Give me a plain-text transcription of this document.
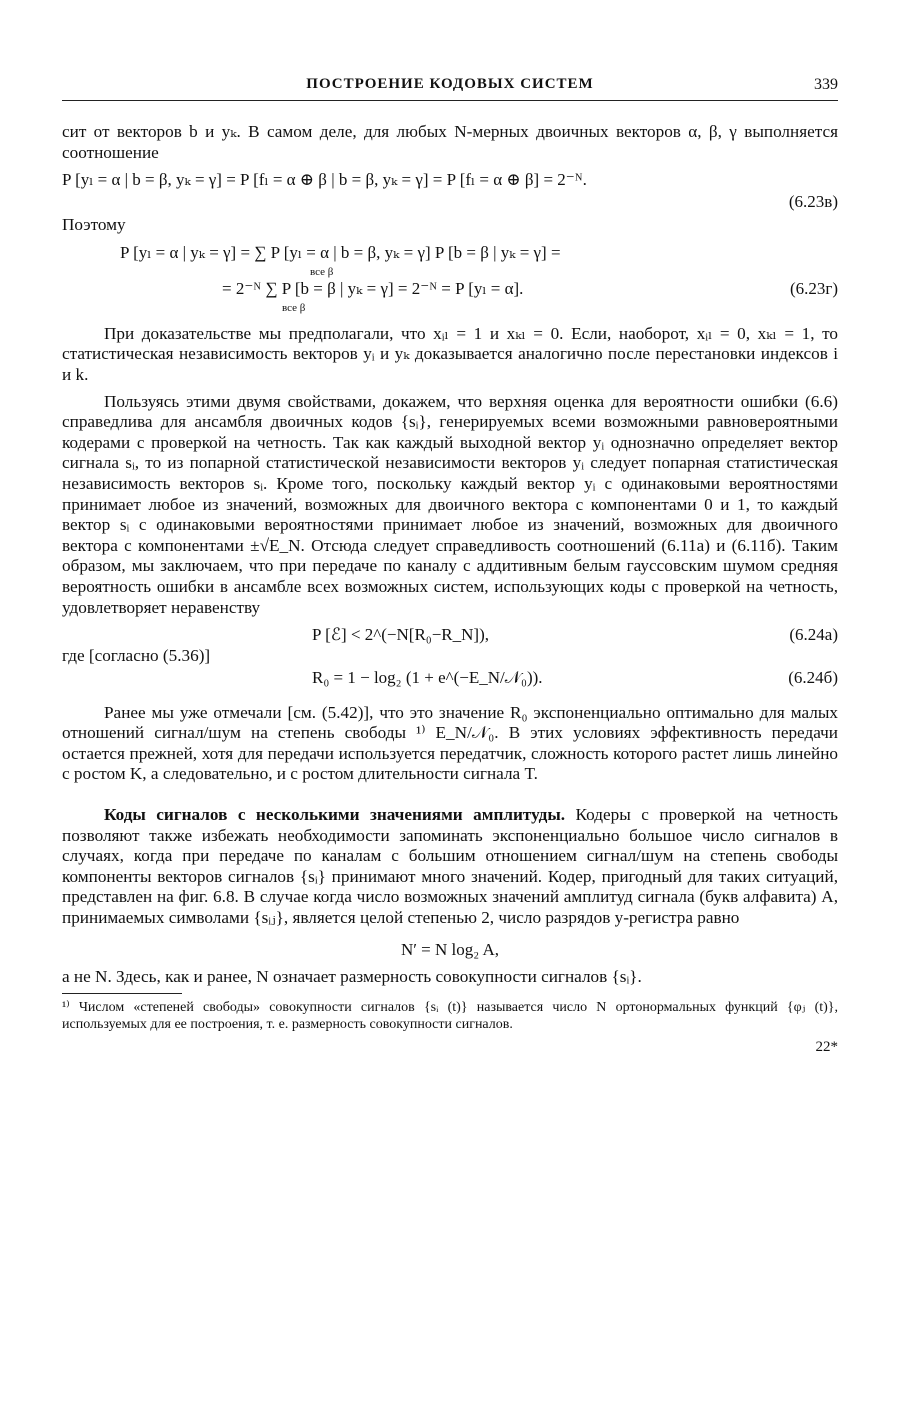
ПОСТРОЕНИЕ КОДОВЫХ СИСТЕМ	339

сит от векторов b и yₖ. В самом деле, для любых N-мерных двоичных векторов α, β, γ выполняется соотношение

P [yₗ = α | b = β, yₖ = γ] = P [fₗ = α ⊕ β | b = β, yₖ = γ] = P [fₗ = α ⊕ β] = 2⁻ᴺ.
(6.23в)

Поэтому

P [yₗ = α | yₖ = γ] = ∑ P [yₗ = α | b = β, yₖ = γ] P [b = β | yₖ = γ] =
все β
= 2⁻ᴺ ∑ P [b = β | yₖ = γ] = 2⁻ᴺ = P [yₗ = α].	(6.23г)
все β

При доказательстве мы предполагали, что xᵢₗ = 1 и xₖₗ = 0. Если, наоборот, xᵢₗ = 0, xₖₗ = 1, то статистическая независимость векторов yᵢ и yₖ доказывается аналогично после перестановки индексов i и k.

Пользуясь этими двумя свойствами, докажем, что верхняя оценка для вероятности ошибки (6.6) справедлива для ансамбля двоичных кодов {sᵢ}, генерируемых всеми возможными равновероятными кодерами с проверкой на четность. Так как каждый выходной вектор yᵢ однозначно определяет вектор сигнала sᵢ, то из попарной статистической независимости векторов yᵢ следует попарная статистическая независимость векторов sᵢ. Кроме того, поскольку каждый вектор yᵢ с одинаковыми вероятностями принимает любое из значений, возможных для двоичного вектора с компонентами 0 и 1, то каждый вектор sᵢ с одинаковыми вероятностями принимает любое из значений, возможных для двоичного вектора с компонентами ±√E_N. Отсюда следует справедливость соотношений (6.11а) и (6.11б). Таким образом, мы заключаем, что при передаче по каналу с аддитивным белым гауссовским шумом средняя вероятность ошибки в ансамбле всех возможных систем, использующих коды с проверкой на четность, удовлетворяет неравенству

P [ℰ] < 2^(−N[R₀−R_N]),	(6.24а)

где [согласно (5.36)]

R₀ = 1 − log₂ (1 + e^(−E_N/𝒩₀)).	(6.24б)

Ранее мы уже отмечали [см. (5.42)], что это значение R₀ экспоненциально оптимально для малых отношений сигнал/шум на степень свободы ¹⁾ E_N/𝒩₀. В этих условиях эффективность передачи остается прежней, хотя для передачи используется передатчик, сложность которого растет лишь линейно с ростом K, а следовательно, и с ростом длительности сигнала T.

Коды сигналов с несколькими значениями амплитуды. Кодеры с проверкой на четность позволяют также избежать необходимости запоминать экспоненциально большое число сигналов в случаях, когда при передаче по каналам с большим отношением сигнал/шум на степень свободы компоненты векторов сигналов {sᵢ} принимают много значений. Кодер, пригодный для таких ситуаций, представлен на фиг. 6.8. В случае когда число возможных значений амплитуд сигнала (букв алфавита) A, принимаемых символами {sᵢⱼ}, является целой степенью 2, число разрядов y-регистра равно

N′ = N log₂ A,

а не N. Здесь, как и ранее, N означает размерность совокупности сигналов {sᵢ}.

¹⁾ Числом «степеней свободы» совокупности сигналов {sᵢ (t)} называется число N ортонормальных функций {φⱼ (t)}, используемых для ее построения, т. е. размерность совокупности сигналов.

22*
